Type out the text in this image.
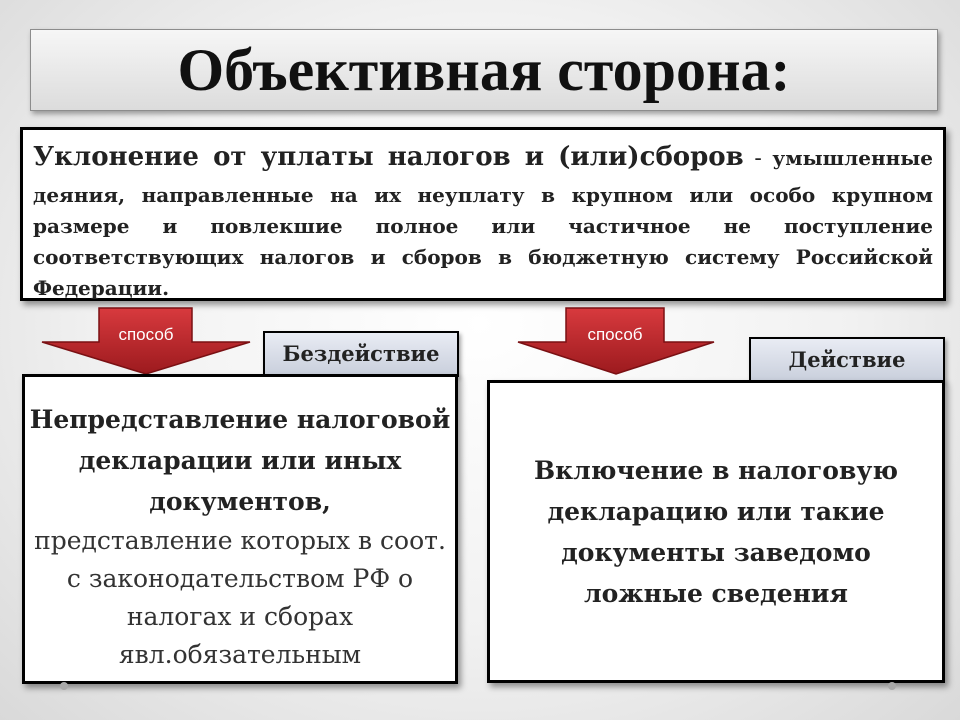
Объективная сторона:
Уклонение от уплаты налогов и (или)сборов - умышленные деяния, направленные на их неуплату в крупном или особо крупном размере и повлекшие полное или частичное не поступление соответствующих налогов и сборов в бюджетную систему Российской Федерации.
способ
Бездействие
способ
Действие
Непредставление налоговой декларации или иных документов,
представление которых в соот. с законодательством РФ о налогах и сборах явл.обязательным
Включение в налоговую декларацию или такие документы заведомо ложные сведения
